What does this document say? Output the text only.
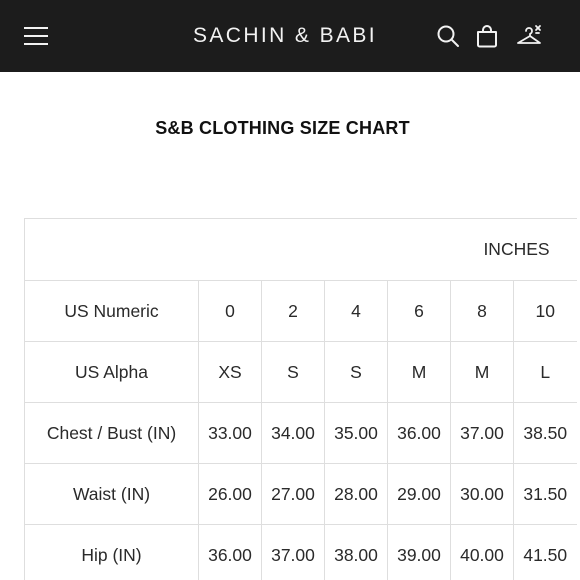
SACHIN & BABI
S&B CLOTHING SIZE CHART
INCHES						
US Numeric	0	2	4	6	8	10
US Alpha	XS	S	S	M	M	L
Chest / Bust (IN)	33.00	34.00	35.00	36.00	37.00	38.50
Waist (IN)	26.00	27.00	28.00	29.00	30.00	31.50
Hip (IN)	36.00	37.00	38.00	39.00	40.00	41.50
